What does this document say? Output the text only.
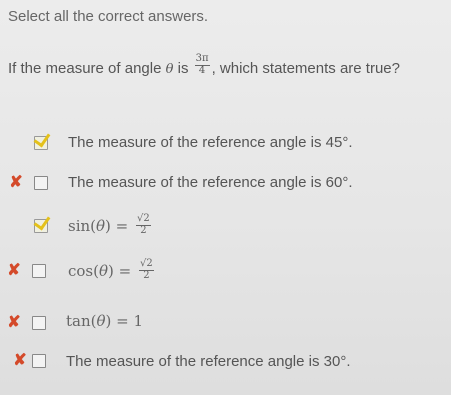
Select all the correct answers.
If the measure of angle θ is $\frac{3\pi}{4}$ , which statements are true?
The measure of the reference angle is 45°.
✘	The measure of the reference angle is 60°.
$\sin(\theta) = \frac{√2}{2}$
✘	$\cos(\theta) = \frac{√2}{2}$
✘	tan(θ) = 1
✘	The measure of the reference angle is 30°.
